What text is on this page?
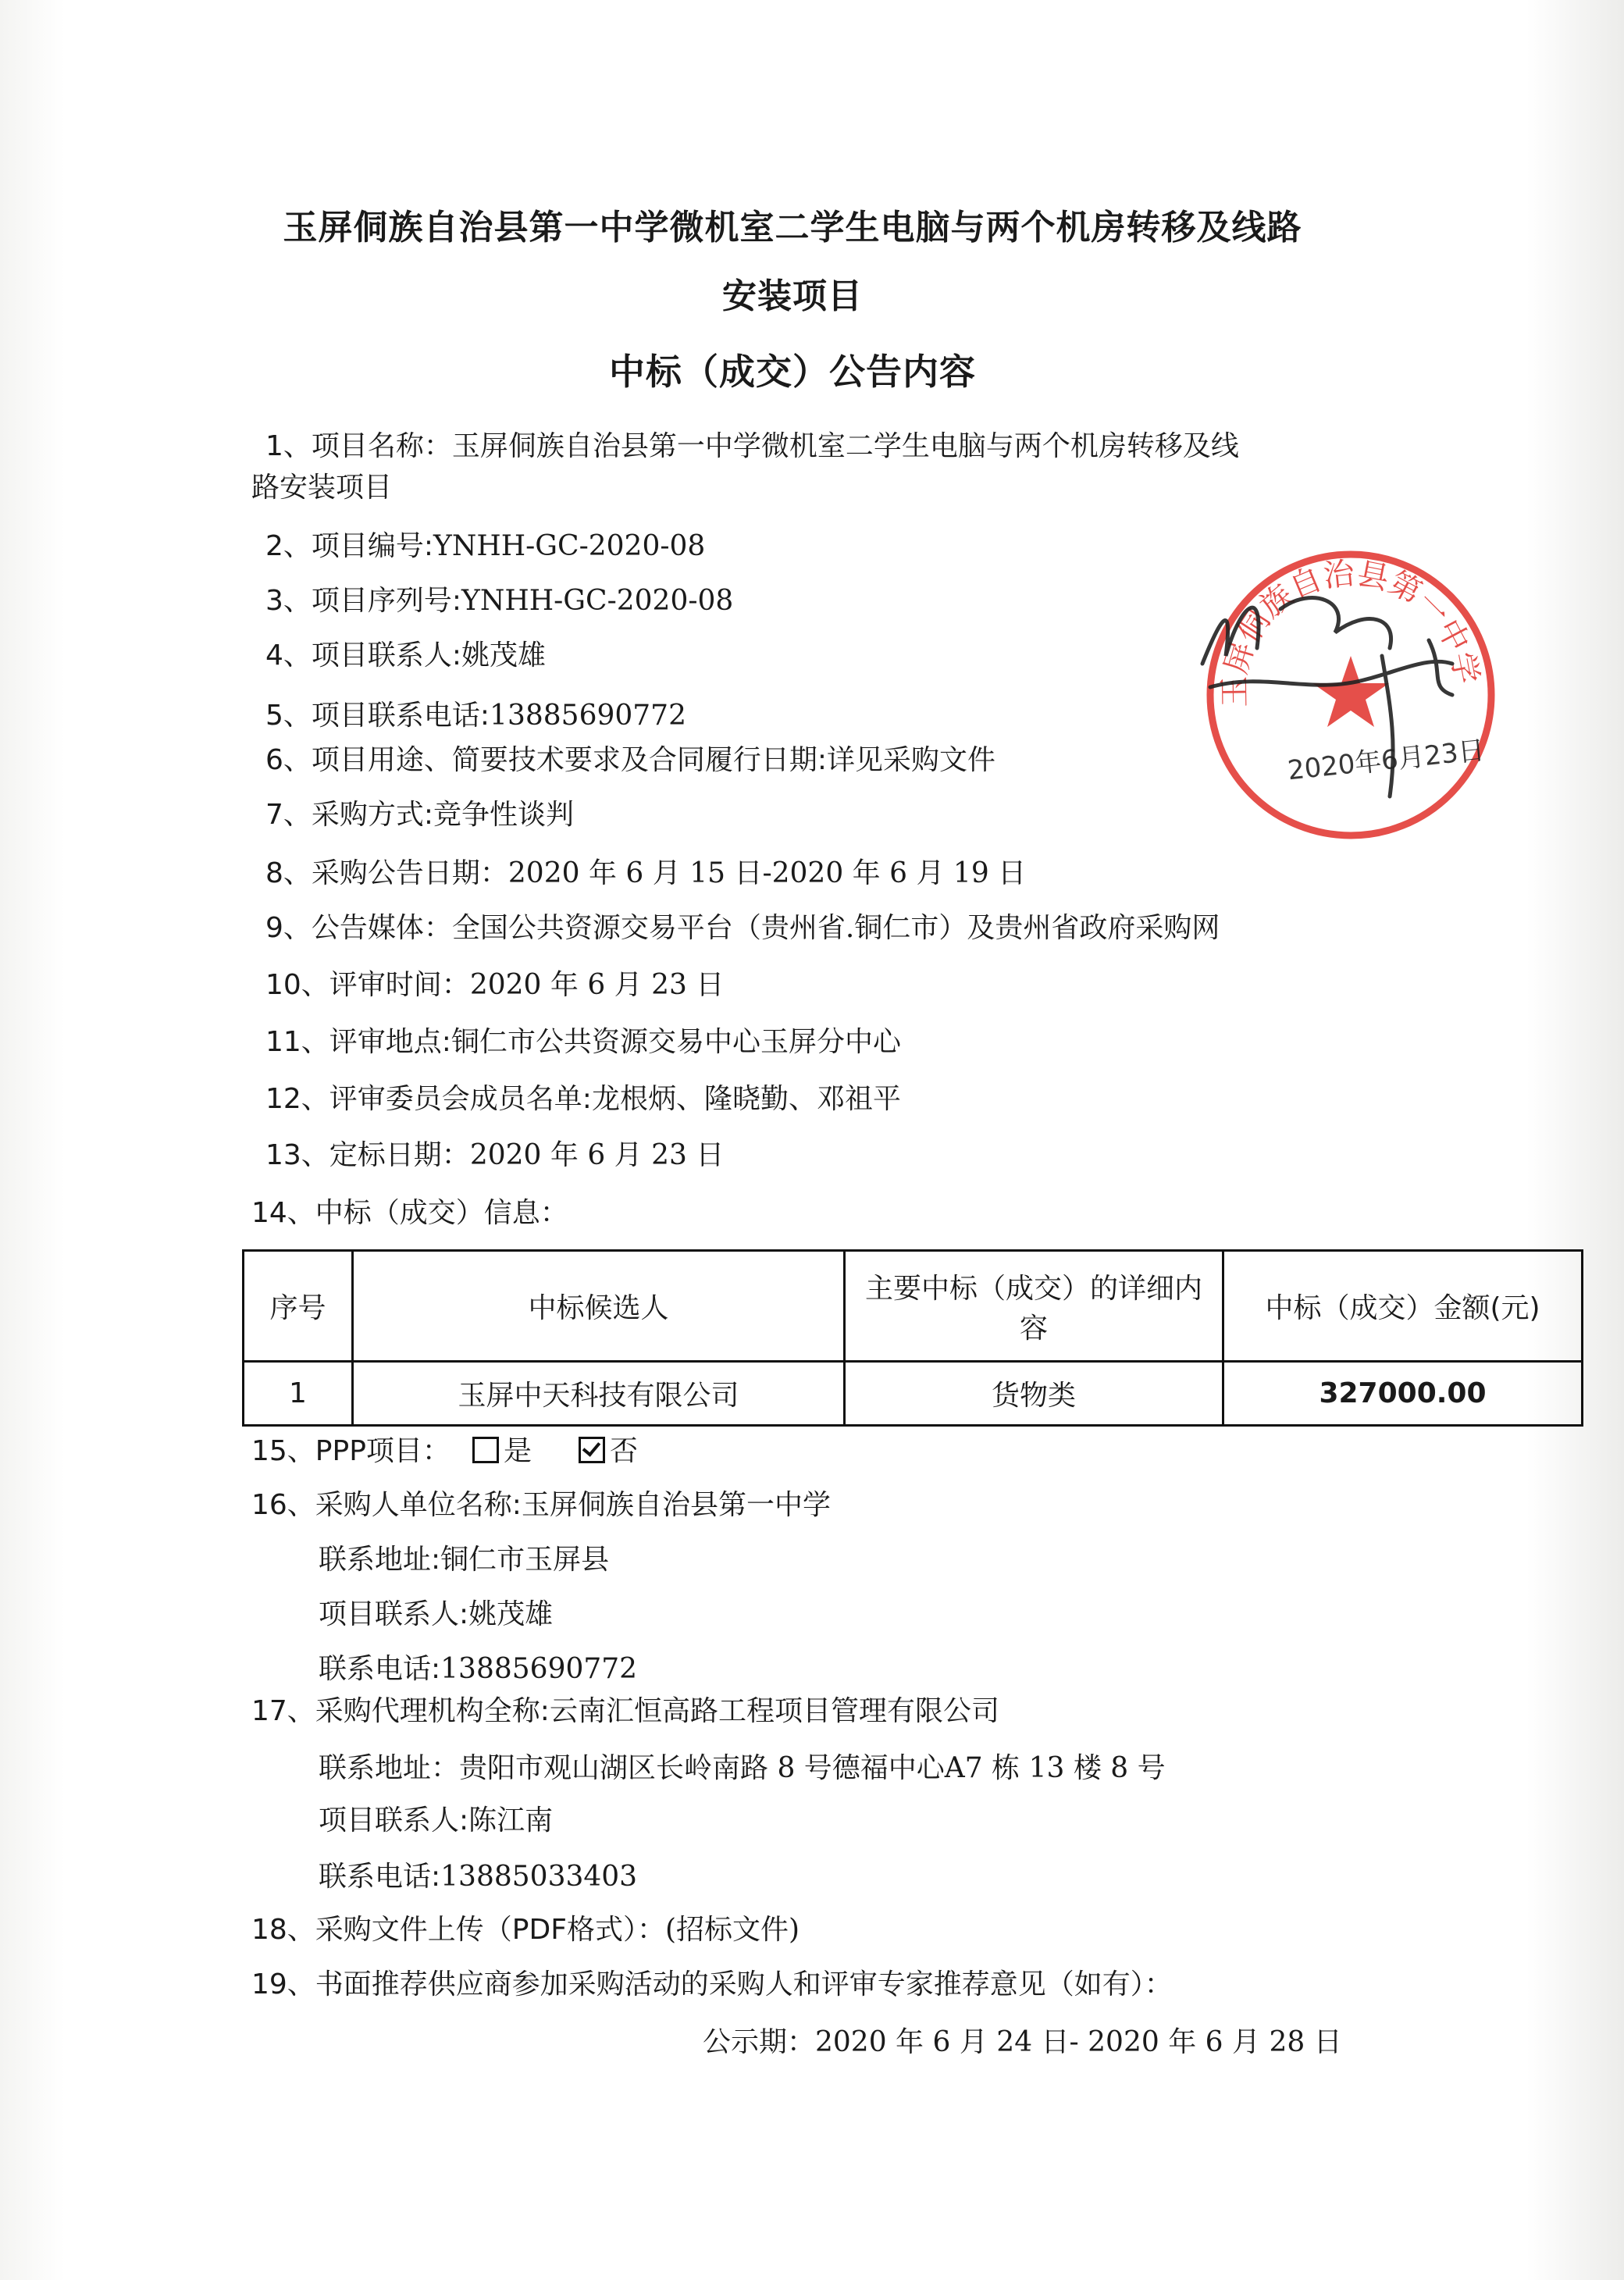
玉屏侗族自治县第一中学微机室二学生电脑与两个机房转移及线路
安装项目
中标（成交）公告内容
1、项目名称：玉屏侗族自治县第一中学微机室二学生电脑与两个机房转移及线
路安装项目
2、项目编号:YNHH-GC-2020-08
3、项目序列号:YNHH-GC-2020-08
4、项目联系人:姚茂雄
5、项目联系电话:13885690772
6、项目用途、简要技术要求及合同履行日期:详见采购文件
7、采购方式:竞争性谈判
8、采购公告日期：2020 年 6 月 15 日-2020 年 6 月 19 日
9、公告媒体：全国公共资源交易平台（贵州省.铜仁市）及贵州省政府采购网
10、评审时间：2020 年 6 月 23 日
11、评审地点:铜仁市公共资源交易中心玉屏分中心
12、评审委员会成员名单:龙根炳、隆晓勤、邓祖平
13、定标日期：2020 年 6 月 23 日
14、中标（成交）信息：
序号	中标候选人	主要中标（成交）的详细内容	中标（成交）金额(元)
1	玉屏中天科技有限公司	货物类	327000.00
15、PPP项目： 是	否
16、采购人单位名称:玉屏侗族自治县第一中学
联系地址:铜仁市玉屏县
项目联系人:姚茂雄
联系电话:13885690772
17、采购代理机构全称:云南汇恒高路工程项目管理有限公司
联系地址：贵阳市观山湖区长岭南路 8 号德福中心A7 栋 13 楼 8 号
项目联系人:陈江南
联系电话:13885033403
18、采购文件上传（PDF格式）：(招标文件)
19、书面推荐供应商参加采购活动的采购人和评审专家推荐意见（如有）：
公示期：2020 年 6 月 24 日- 2020 年 6 月 28 日
玉屏侗族自治县第一中学
2020年6月23日
